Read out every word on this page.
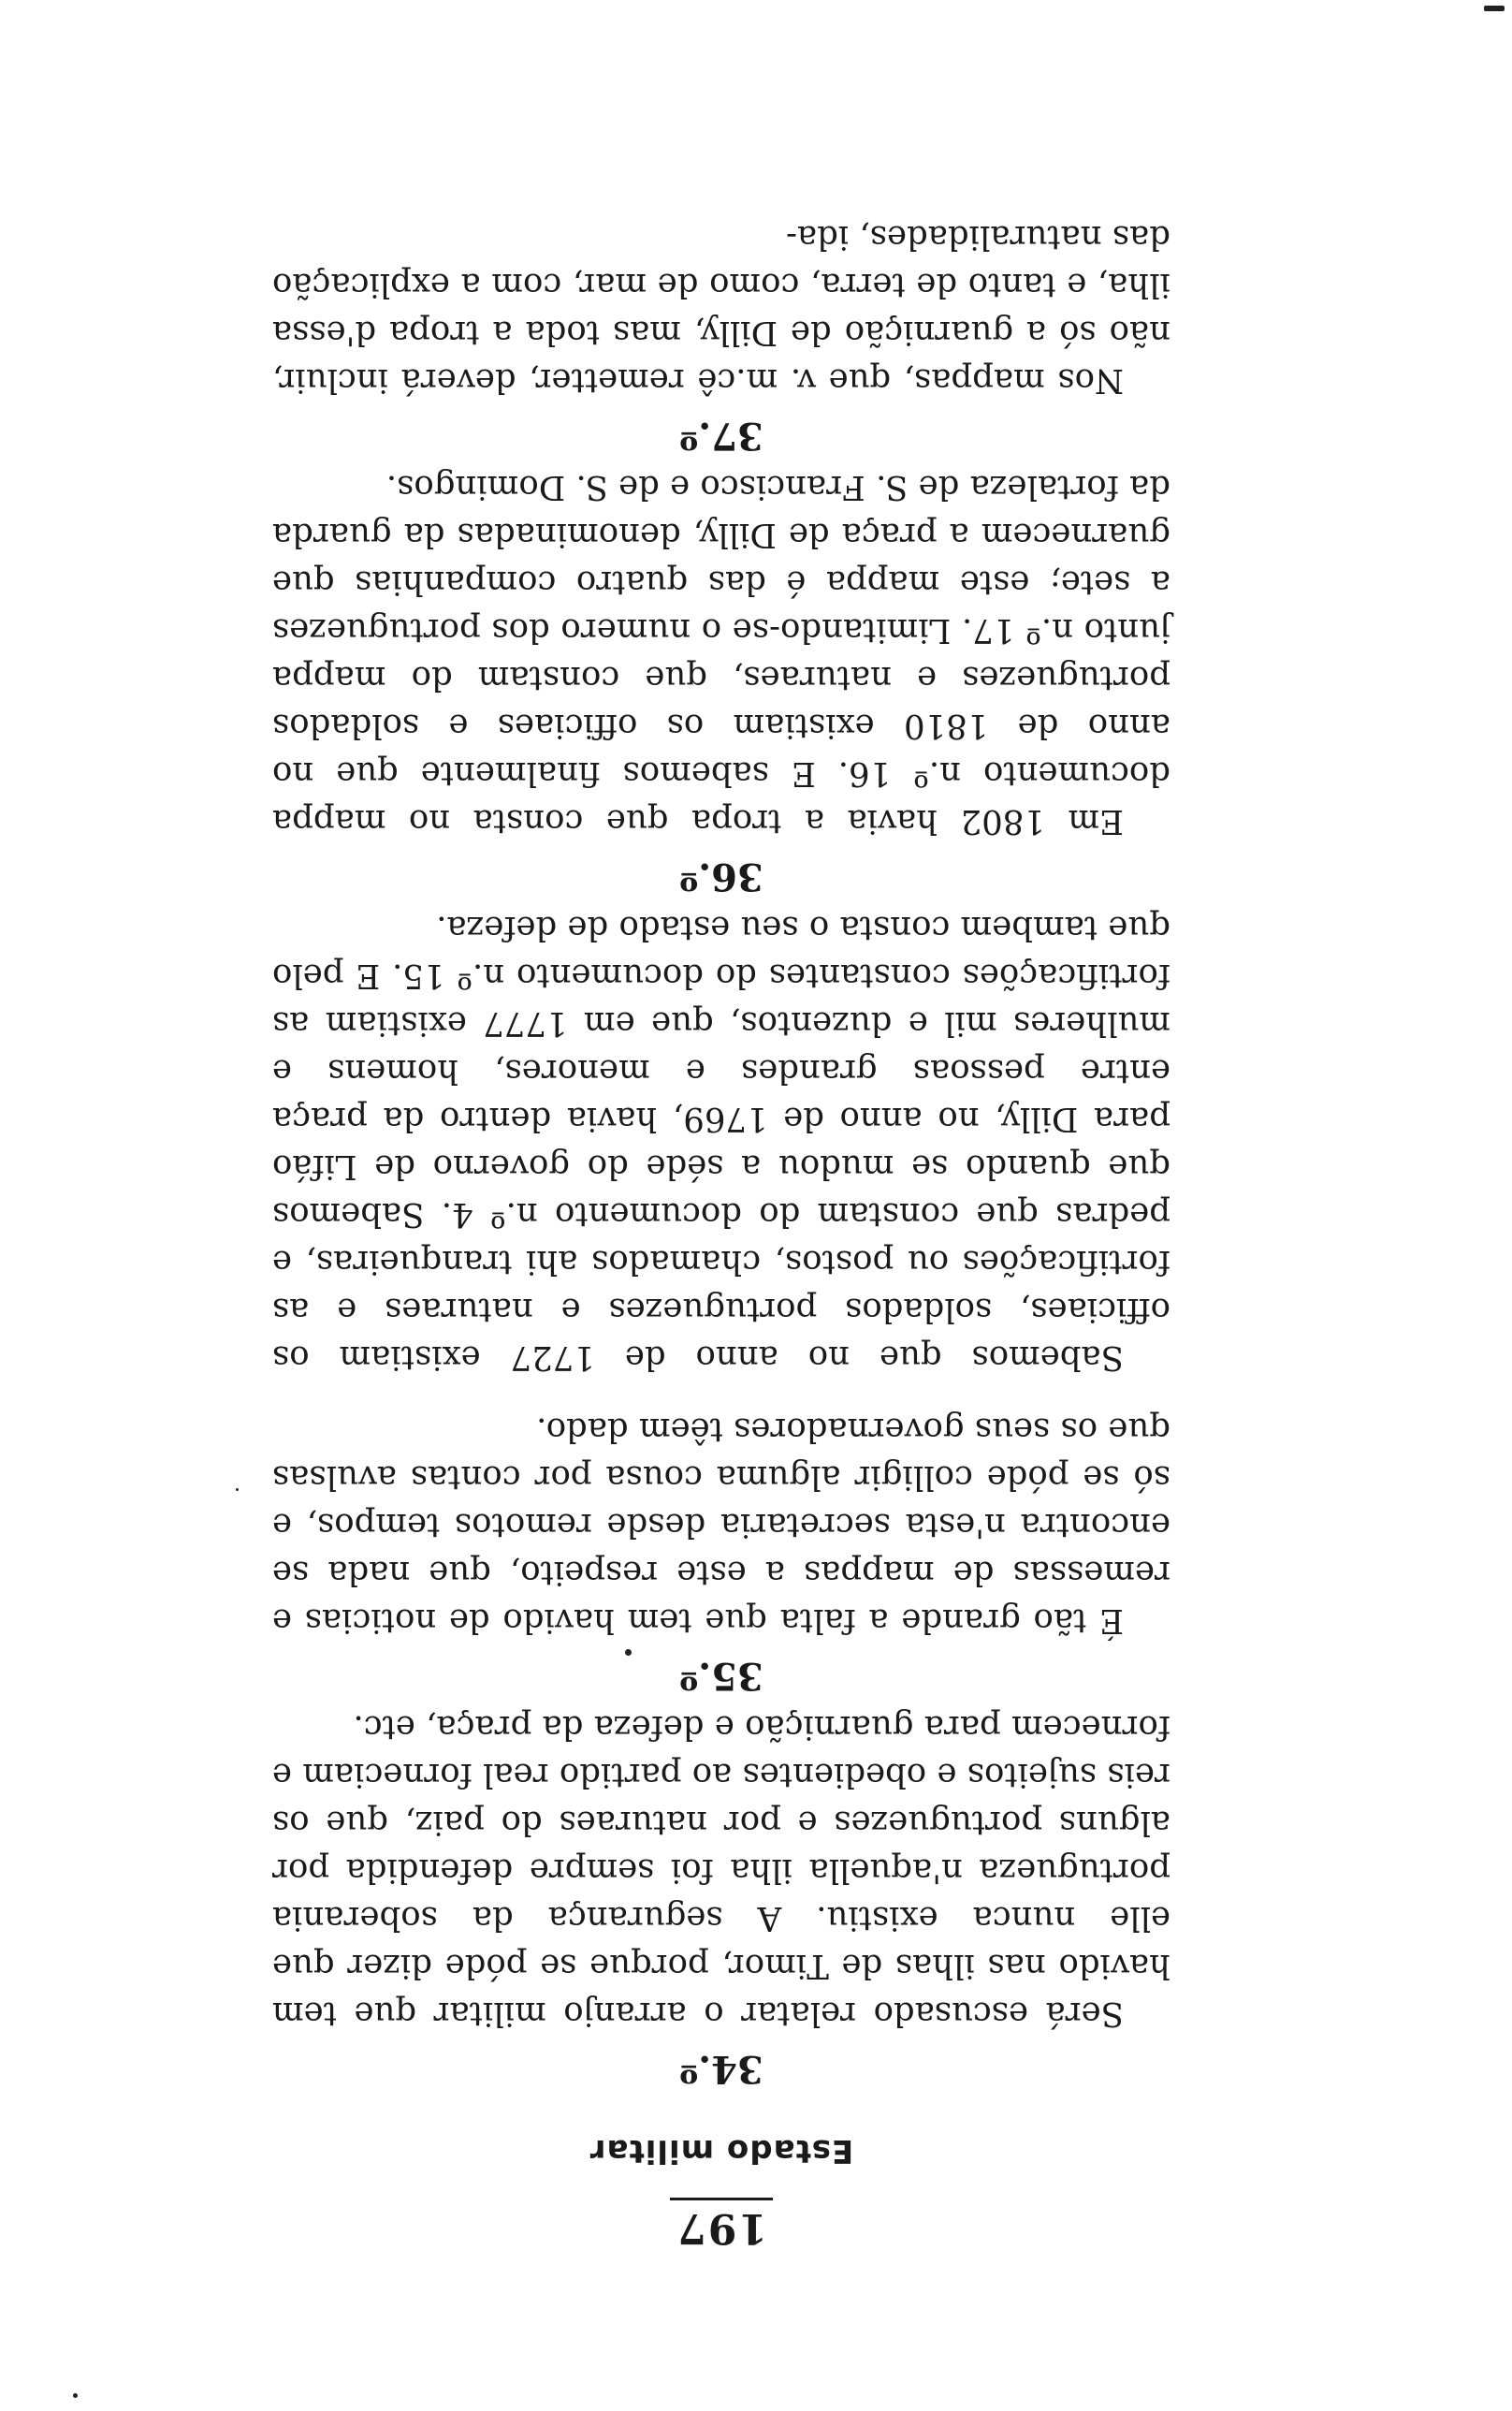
197
Estado militar
34.º

Será escusado relatar o arranjo militar que tem havido nas ilhas de Timor, porque se póde dizer que elle nunca existiu. A segurança da soberania portugueza n'aquella ilha foi sempre defendida por alguns portuguezes e por naturaes do paiz, que os reis sujeitos e obedientes ao partido real forneciam e fornecem para guarnição e defeza da praça, etc.

35.º

É tão grande a falta que tem havido de noticias e remessas de mappas a este respeito, que nada se encontra n'esta secretaria desde remotos tempos, e só se póde colligir alguma cousa por contas avulsas que os seus governadores têem dado.

Sabemos que no anno de 1727 existiam os officiaes, soldados portuguezes e naturaes e as fortificações ou postos, chamados ahi tranqueiras, e pedras que constam do documento n.º 4. Sabemos que quando se mudou a séde do governo de Lifáo para Dilly, no anno de 1769, havia dentro da praça entre pessoas grandes e menores, homens e mulheres mil e duzentos, que em 1777 existiam as fortificações constantes do documento n.º 15. E pelo que tambem consta o seu estado de defeza.

36.º

Em 1802 havia a tropa que consta no mappa documento n.º 16. E sabemos finalmente que no anno de 1810 existiam os officiaes e soldados portuguezes e naturaes, que constam do mappa junto n.º 17. Limitando-se o numero dos portuguezes a sete; este mappa é das quatro companhias que guarnecem a praça de Dilly, denominadas da guarda da fortaleza de S. Francisco e de S. Domingos.

37.º

Nos mappas, que v. m.cê remetter, deverá incluir, não só a guarnição de Dilly, mas toda a tropa d'essa ilha, e tanto de terra, como de mar, com a explicação das naturalidades, ida-
